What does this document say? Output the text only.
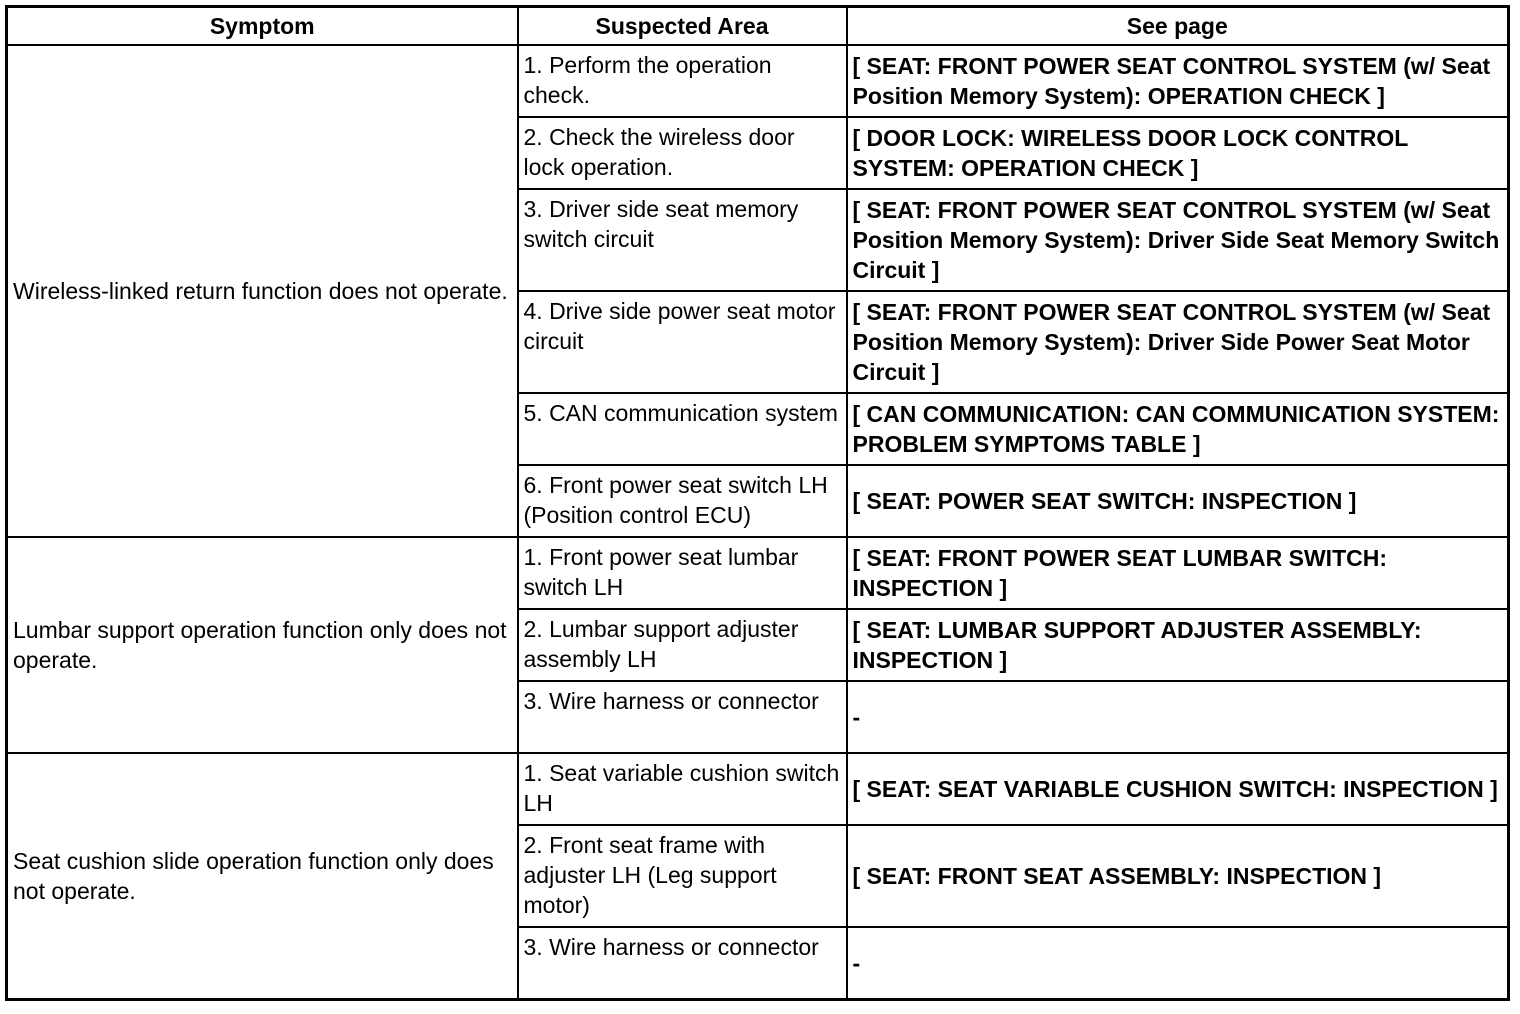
Symptom	Suspected Area	See page
Wireless-linked return function does not operate.	1. Perform the operation check.	[ SEAT: FRONT POWER SEAT CONTROL SYSTEM (w/ Seat Position Memory System): OPERATION CHECK ]
	2. Check the wireless door lock operation.	[ DOOR LOCK: WIRELESS DOOR LOCK CONTROL SYSTEM: OPERATION CHECK ]
	3. Driver side seat memory switch circuit	[ SEAT: FRONT POWER SEAT CONTROL SYSTEM (w/ Seat Position Memory System): Driver Side Seat Memory Switch Circuit ]
	4. Drive side power seat motor circuit	[ SEAT: FRONT POWER SEAT CONTROL SYSTEM (w/ Seat Position Memory System): Driver Side Power Seat Motor Circuit ]
	5. CAN communication system	[ CAN COMMUNICATION: CAN COMMUNICATION SYSTEM: PROBLEM SYMPTOMS TABLE ]
	6. Front power seat switch LH (Position control ECU)	[ SEAT: POWER SEAT SWITCH: INSPECTION ]
Lumbar support operation function only does not operate.	1. Front power seat lumbar switch LH	[ SEAT: FRONT POWER SEAT LUMBAR SWITCH: INSPECTION ]
	2. Lumbar support adjuster assembly LH	[ SEAT: LUMBAR SUPPORT ADJUSTER ASSEMBLY: INSPECTION ]
	3. Wire harness or connector	-
Seat cushion slide operation function only does not operate.	1. Seat variable cushion switch LH	[ SEAT: SEAT VARIABLE CUSHION SWITCH: INSPECTION ]
	2. Front seat frame with adjuster LH (Leg support motor)	[ SEAT: FRONT SEAT ASSEMBLY: INSPECTION ]
	3. Wire harness or connector	-
